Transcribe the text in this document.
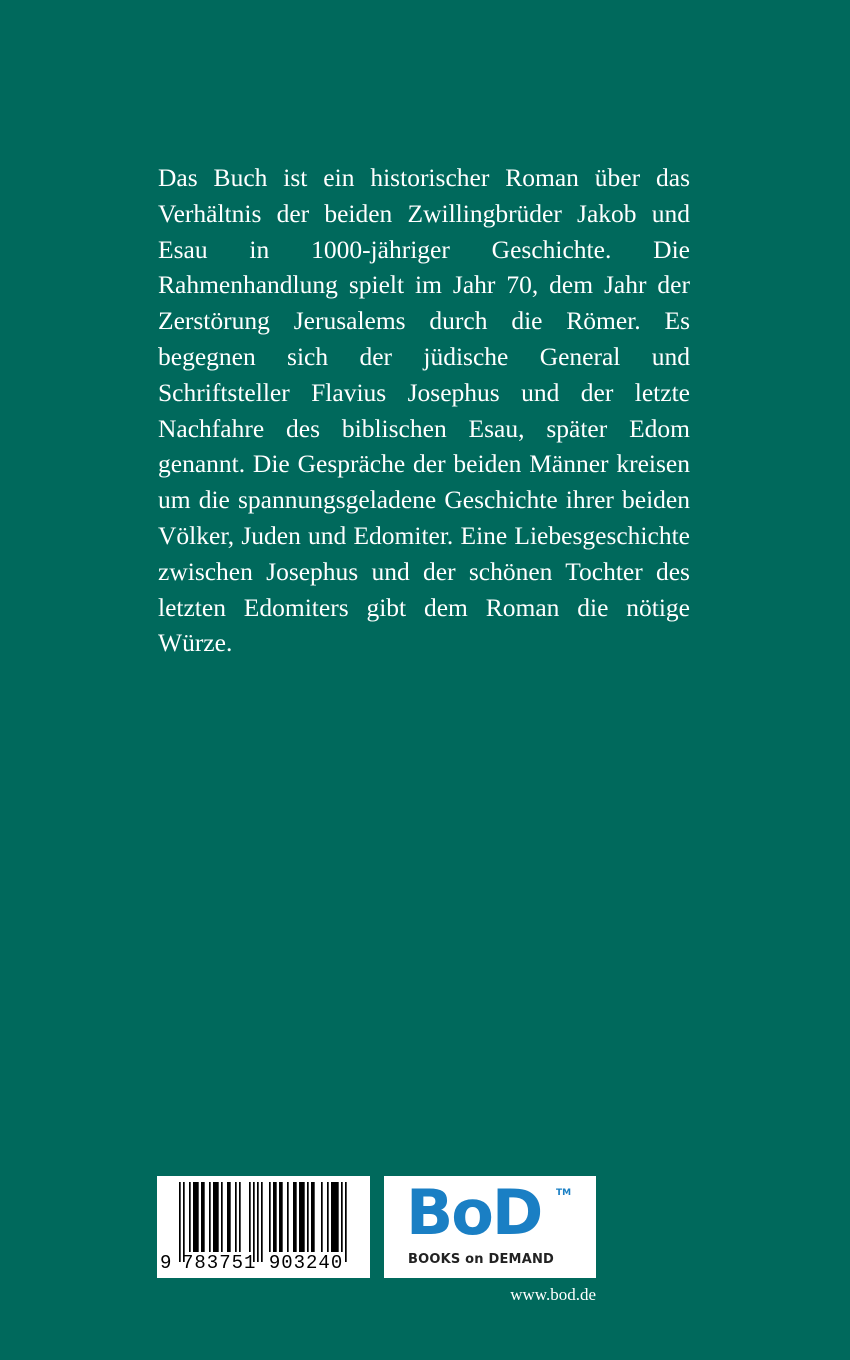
Das Buch ist ein historischer Roman über das Verhältnis der beiden Zwillingbrüder Jakob und Esau in 1000-jähriger Geschichte. Die Rahmenhandlung spielt im Jahr 70, dem Jahr der Zerstörung Jerusalems durch die Römer. Es begegnen sich der jüdische General und Schriftsteller Flavius Josephus und der letzte Nachfahre des biblischen Esau, später Edom genannt. Die Gespräche der beiden Männer kreisen um die spannungsgeladene Geschichte ihrer beiden Völker, Juden und Edomiter. Eine Liebesgeschichte zwischen Josephus und der schönen Tochter des letzten Edomiters gibt dem Roman die nötige Würze.

9 783751 903240
BoD TM
BOOKS on DEMAND
www.bod.de
